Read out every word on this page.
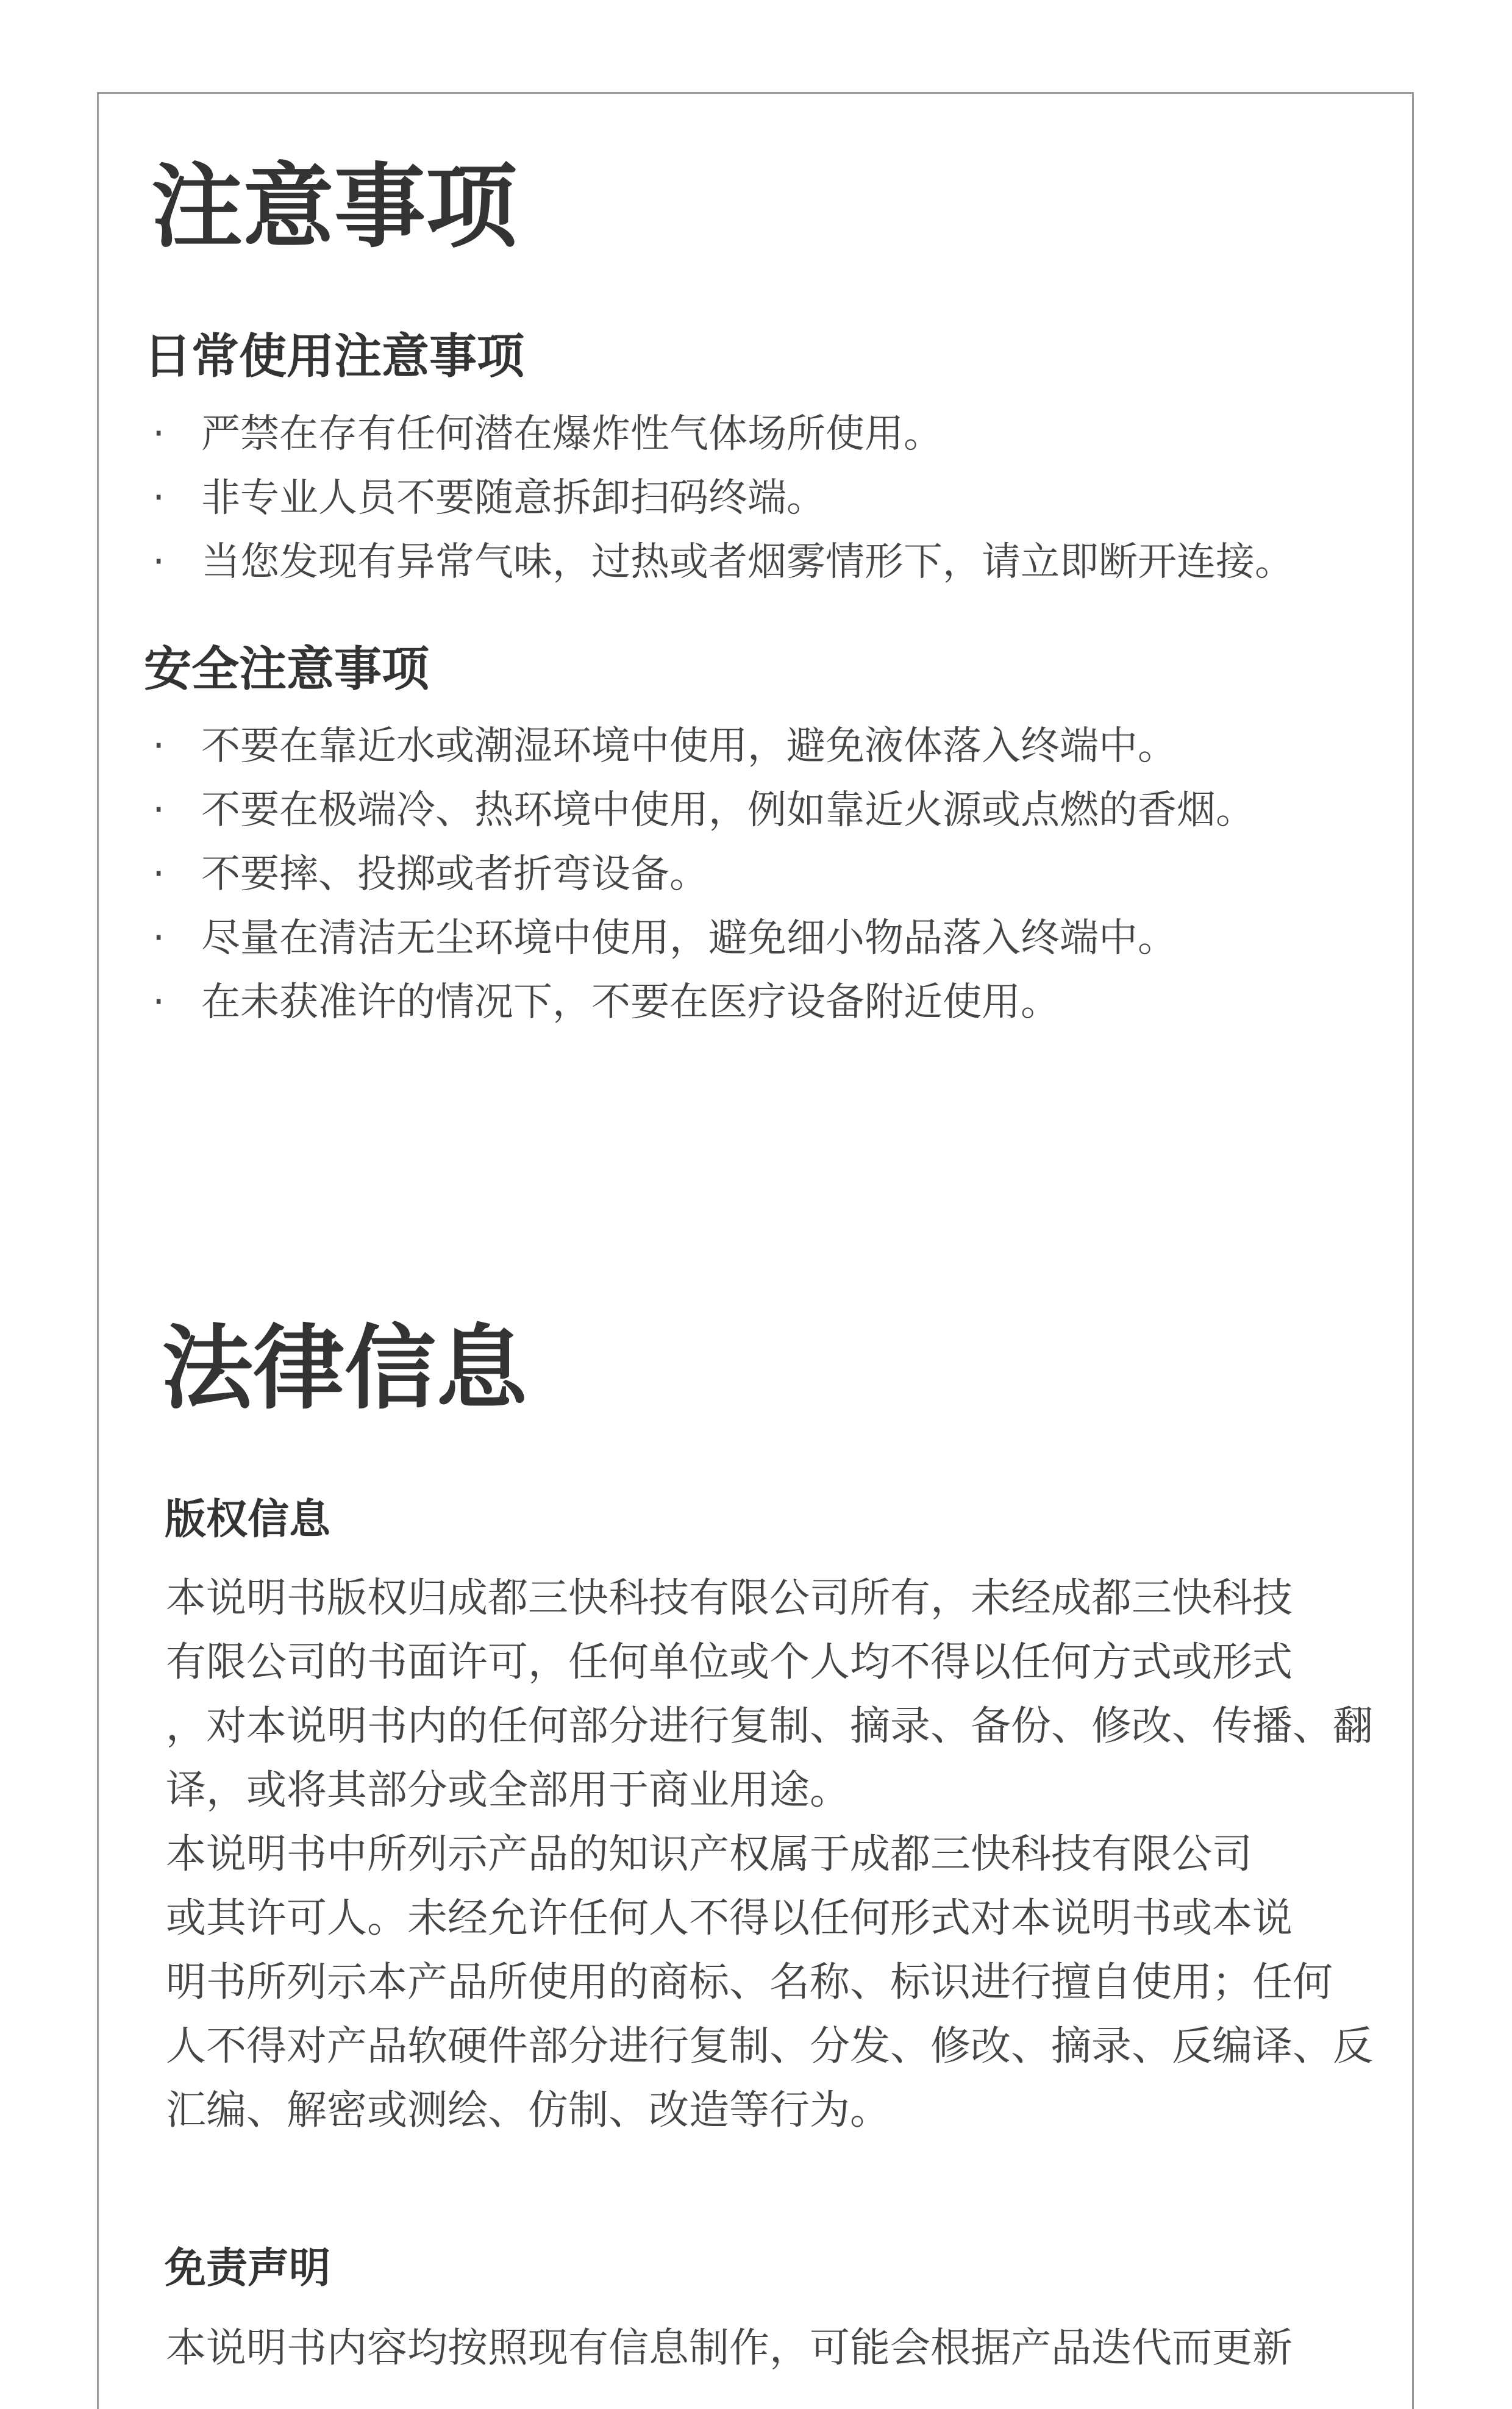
注意事项
日常使用注意事项
· 严禁在存有任何潜在爆炸性气体场所使用。
· 非专业人员不要随意拆卸扫码终端。
· 当您发现有异常气味，过热或者烟雾情形下，请立即断开连接。
安全注意事项
· 不要在靠近水或潮湿环境中使用，避免液体落入终端中。
· 不要在极端冷、热环境中使用，例如靠近火源或点燃的香烟。
· 不要摔、投掷或者折弯设备。
· 尽量在清洁无尘环境中使用，避免细小物品落入终端中。
· 在未获准许的情况下，不要在医疗设备附近使用。
法律信息
版权信息
本说明书版权归成都三快科技有限公司所有，未经成都三快科技
有限公司的书面许可，任何单位或个人均不得以任何方式或形式
，对本说明书内的任何部分进行复制、摘录、备份、修改、传播、翻
译，或将其部分或全部用于商业用途。
本说明书中所列示产品的知识产权属于成都三快科技有限公司
或其许可人。未经允许任何人不得以任何形式对本说明书或本说
明书所列示本产品所使用的商标、名称、标识进行擅自使用；任何
人不得对产品软硬件部分进行复制、分发、修改、摘录、反编译、反
汇编、解密或测绘、仿制、改造等行为。
免责声明
本说明书内容均按照现有信息制作，可能会根据产品迭代而更新
